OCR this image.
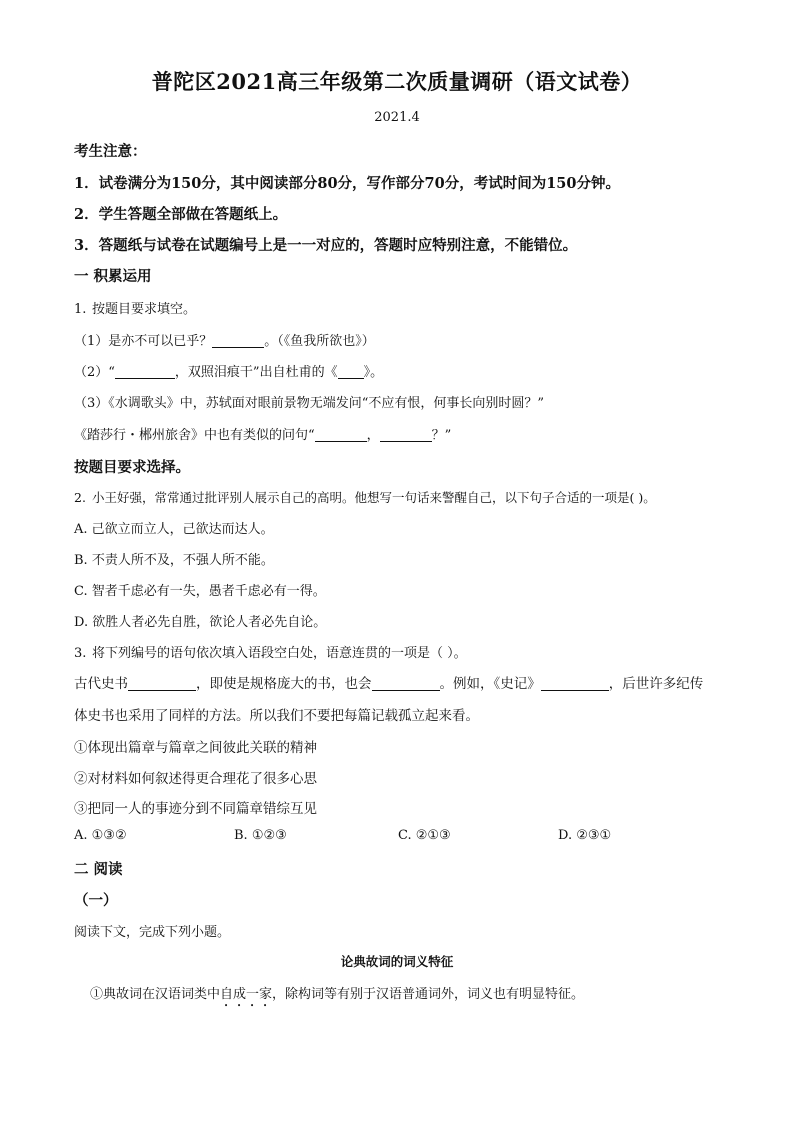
普陀区2021高三年级第二次质量调研（语文试卷）
2021.4
考生注意：
1．试卷满分为150分，其中阅读部分80分，写作部分70分，考试时间为150分钟。
2．学生答题全部做在答题纸上。
3．答题纸与试卷在试题编号上是一一对应的，答题时应特别注意，不能错位。
一 积累运用
1. 按题目要求填空。
（1）是亦不可以已乎？	。（《鱼我所欲也》）
（2）“	，双照泪痕干”出自杜甫的《 》。
（3）《水调歌头》中，苏轼面对眼前景物无端发问“不应有恨，何事长向别时圆？”
《踏莎行・郴州旅舍》中也有类似的问句“	，	？”
按题目要求选择。
2. 小王好强，常常通过批评别人展示自己的高明。他想写一句话来警醒自己，以下句子合适的一项是( )。
A. 己欲立而立人，己欲达而达人。
B. 不责人所不及，不强人所不能。
C. 智者千虑必有一失，愚者千虑必有一得。
D. 欲胜人者必先自胜，欲论人者必先自论。
3. 将下列编号的语句依次填入语段空白处，语意连贯的一项是（ ）。
古代史书	，即使是规格庞大的书，也会	。例如，《史记》	，后世许多纪传
体史书也采用了同样的方法。所以我们不要把每篇记载孤立起来看。
①体现出篇章与篇章之间彼此关联的精神
②对材料如何叙述得更合理花了很多心思
③把同一人的事迹分到不同篇章错综互见
A. ①③②	B. ①②③	C. ②①③	D. ②③①
二 阅读
（一）
阅读下文，完成下列小题。
论典故词的词义特征
①典故词在汉语词类中自成一家，除构词等有别于汉语普通词外，词义也有明显特征。
